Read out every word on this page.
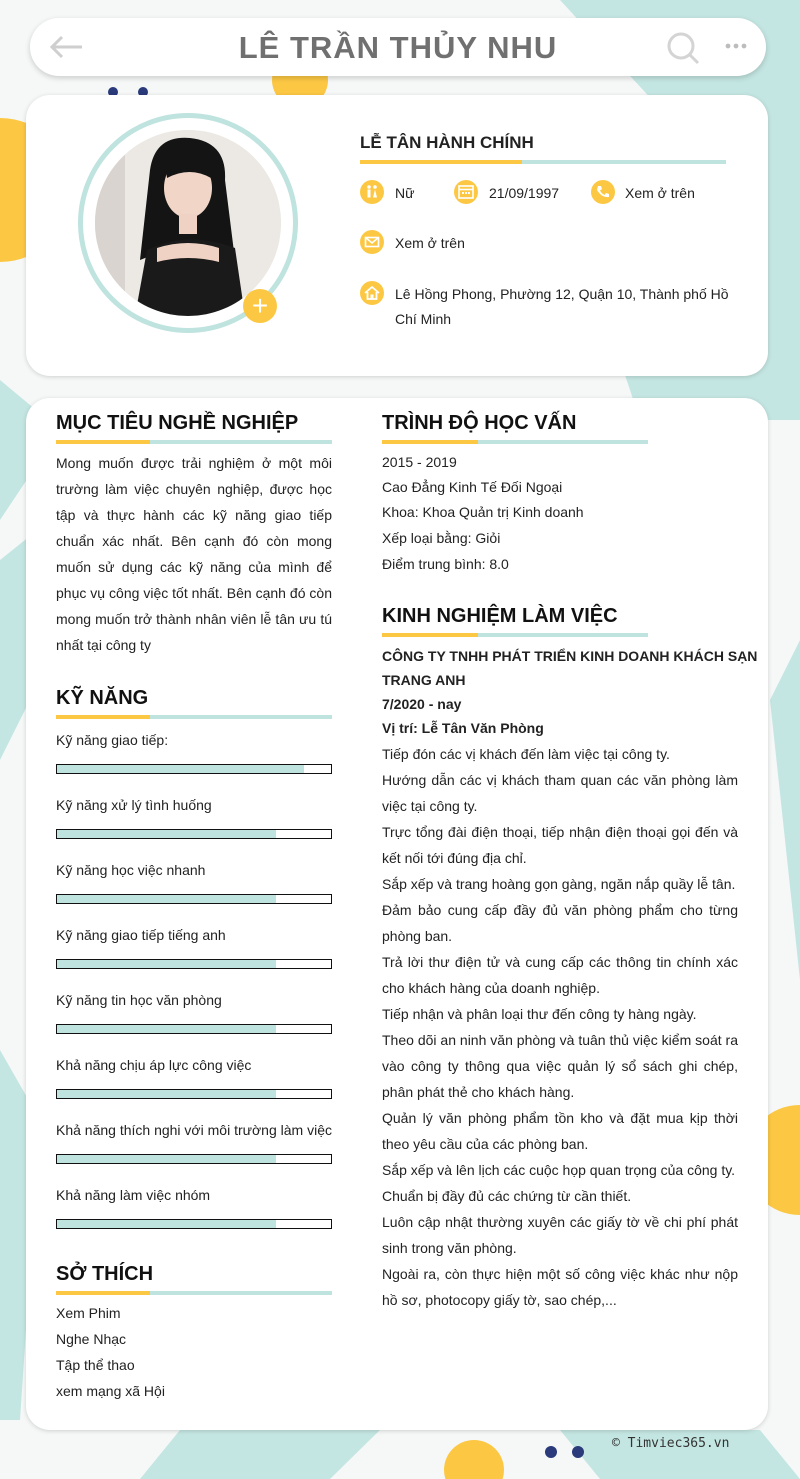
LÊ TRẦN THỦY NHU
+
LỄ TÂN HÀNH CHÍNH
Nữ	21/09/1997	Xem ở trên
Xem ở trên
Lê Hồng Phong, Phường 12, Quận 10, Thành phố Hồ Chí Minh
MỤC TIÊU NGHỀ NGHIỆP
Mong muốn được trải nghiệm ở một môi trường làm việc chuyên nghiệp, được học tập và thực hành các kỹ năng giao tiếp chuẩn xác nhất. Bên cạnh đó còn mong muốn sử dụng các kỹ năng của mình để phục vụ công việc tốt nhất. Bên cạnh đó còn mong muốn trở thành nhân viên lễ tân ưu tú nhất tại công ty
KỸ NĂNG
Kỹ năng giao tiếp:
Kỹ năng xử lý tình huống
Kỹ năng học việc nhanh
Kỹ năng giao tiếp tiếng anh
Kỹ năng tin học văn phòng
Khả năng chịu áp lực công việc
Khả năng thích nghi với môi trường làm việc
Khả năng làm việc nhóm
SỞ THÍCH
Xem Phim
Nghe Nhạc
Tập thể thao
xem mạng xã Hội
TRÌNH ĐỘ HỌC VẤN
2015 - 2019
Cao Đẳng Kinh Tế Đối Ngoại
Khoa: Khoa Quản trị Kinh doanh
Xếp loại bằng: Giỏi
Điểm trung bình: 8.0
KINH NGHIỆM LÀM VIỆC
CÔNG TY TNHH PHÁT TRIỂN KINH DOANH KHÁCH SẠN
TRANG ANH
7/2020 - nay
Vị trí: Lễ Tân Văn Phòng
Tiếp đón các vị khách đến làm việc tại công ty.
Hướng dẫn các vị khách tham quan các văn phòng làm việc tại công ty.
Trực tổng đài điện thoại, tiếp nhận điện thoại gọi đến và kết nối tới đúng địa chỉ.
Sắp xếp và trang hoàng gọn gàng, ngăn nắp quầy lễ tân.
Đảm bảo cung cấp đầy đủ văn phòng phẩm cho từng phòng ban.
Trả lời thư điện tử và cung cấp các thông tin chính xác cho khách hàng của doanh nghiệp.
Tiếp nhận và phân loại thư đến công ty hàng ngày.
Theo dõi an ninh văn phòng và tuân thủ việc kiểm soát ra vào công ty thông qua việc quản lý sổ sách ghi chép, phân phát thẻ cho khách hàng.
Quản lý văn phòng phẩm tồn kho và đặt mua kịp thời theo yêu cầu của các phòng ban.
Sắp xếp và lên lịch các cuộc họp quan trọng của công ty.
Chuẩn bị đầy đủ các chứng từ cần thiết.
Luôn cập nhật thường xuyên các giấy tờ về chi phí phát sinh trong văn phòng.
Ngoài ra, còn thực hiện một số công việc khác như nộp hồ sơ, photocopy giấy tờ, sao chép,...
© Timviec365.vn
